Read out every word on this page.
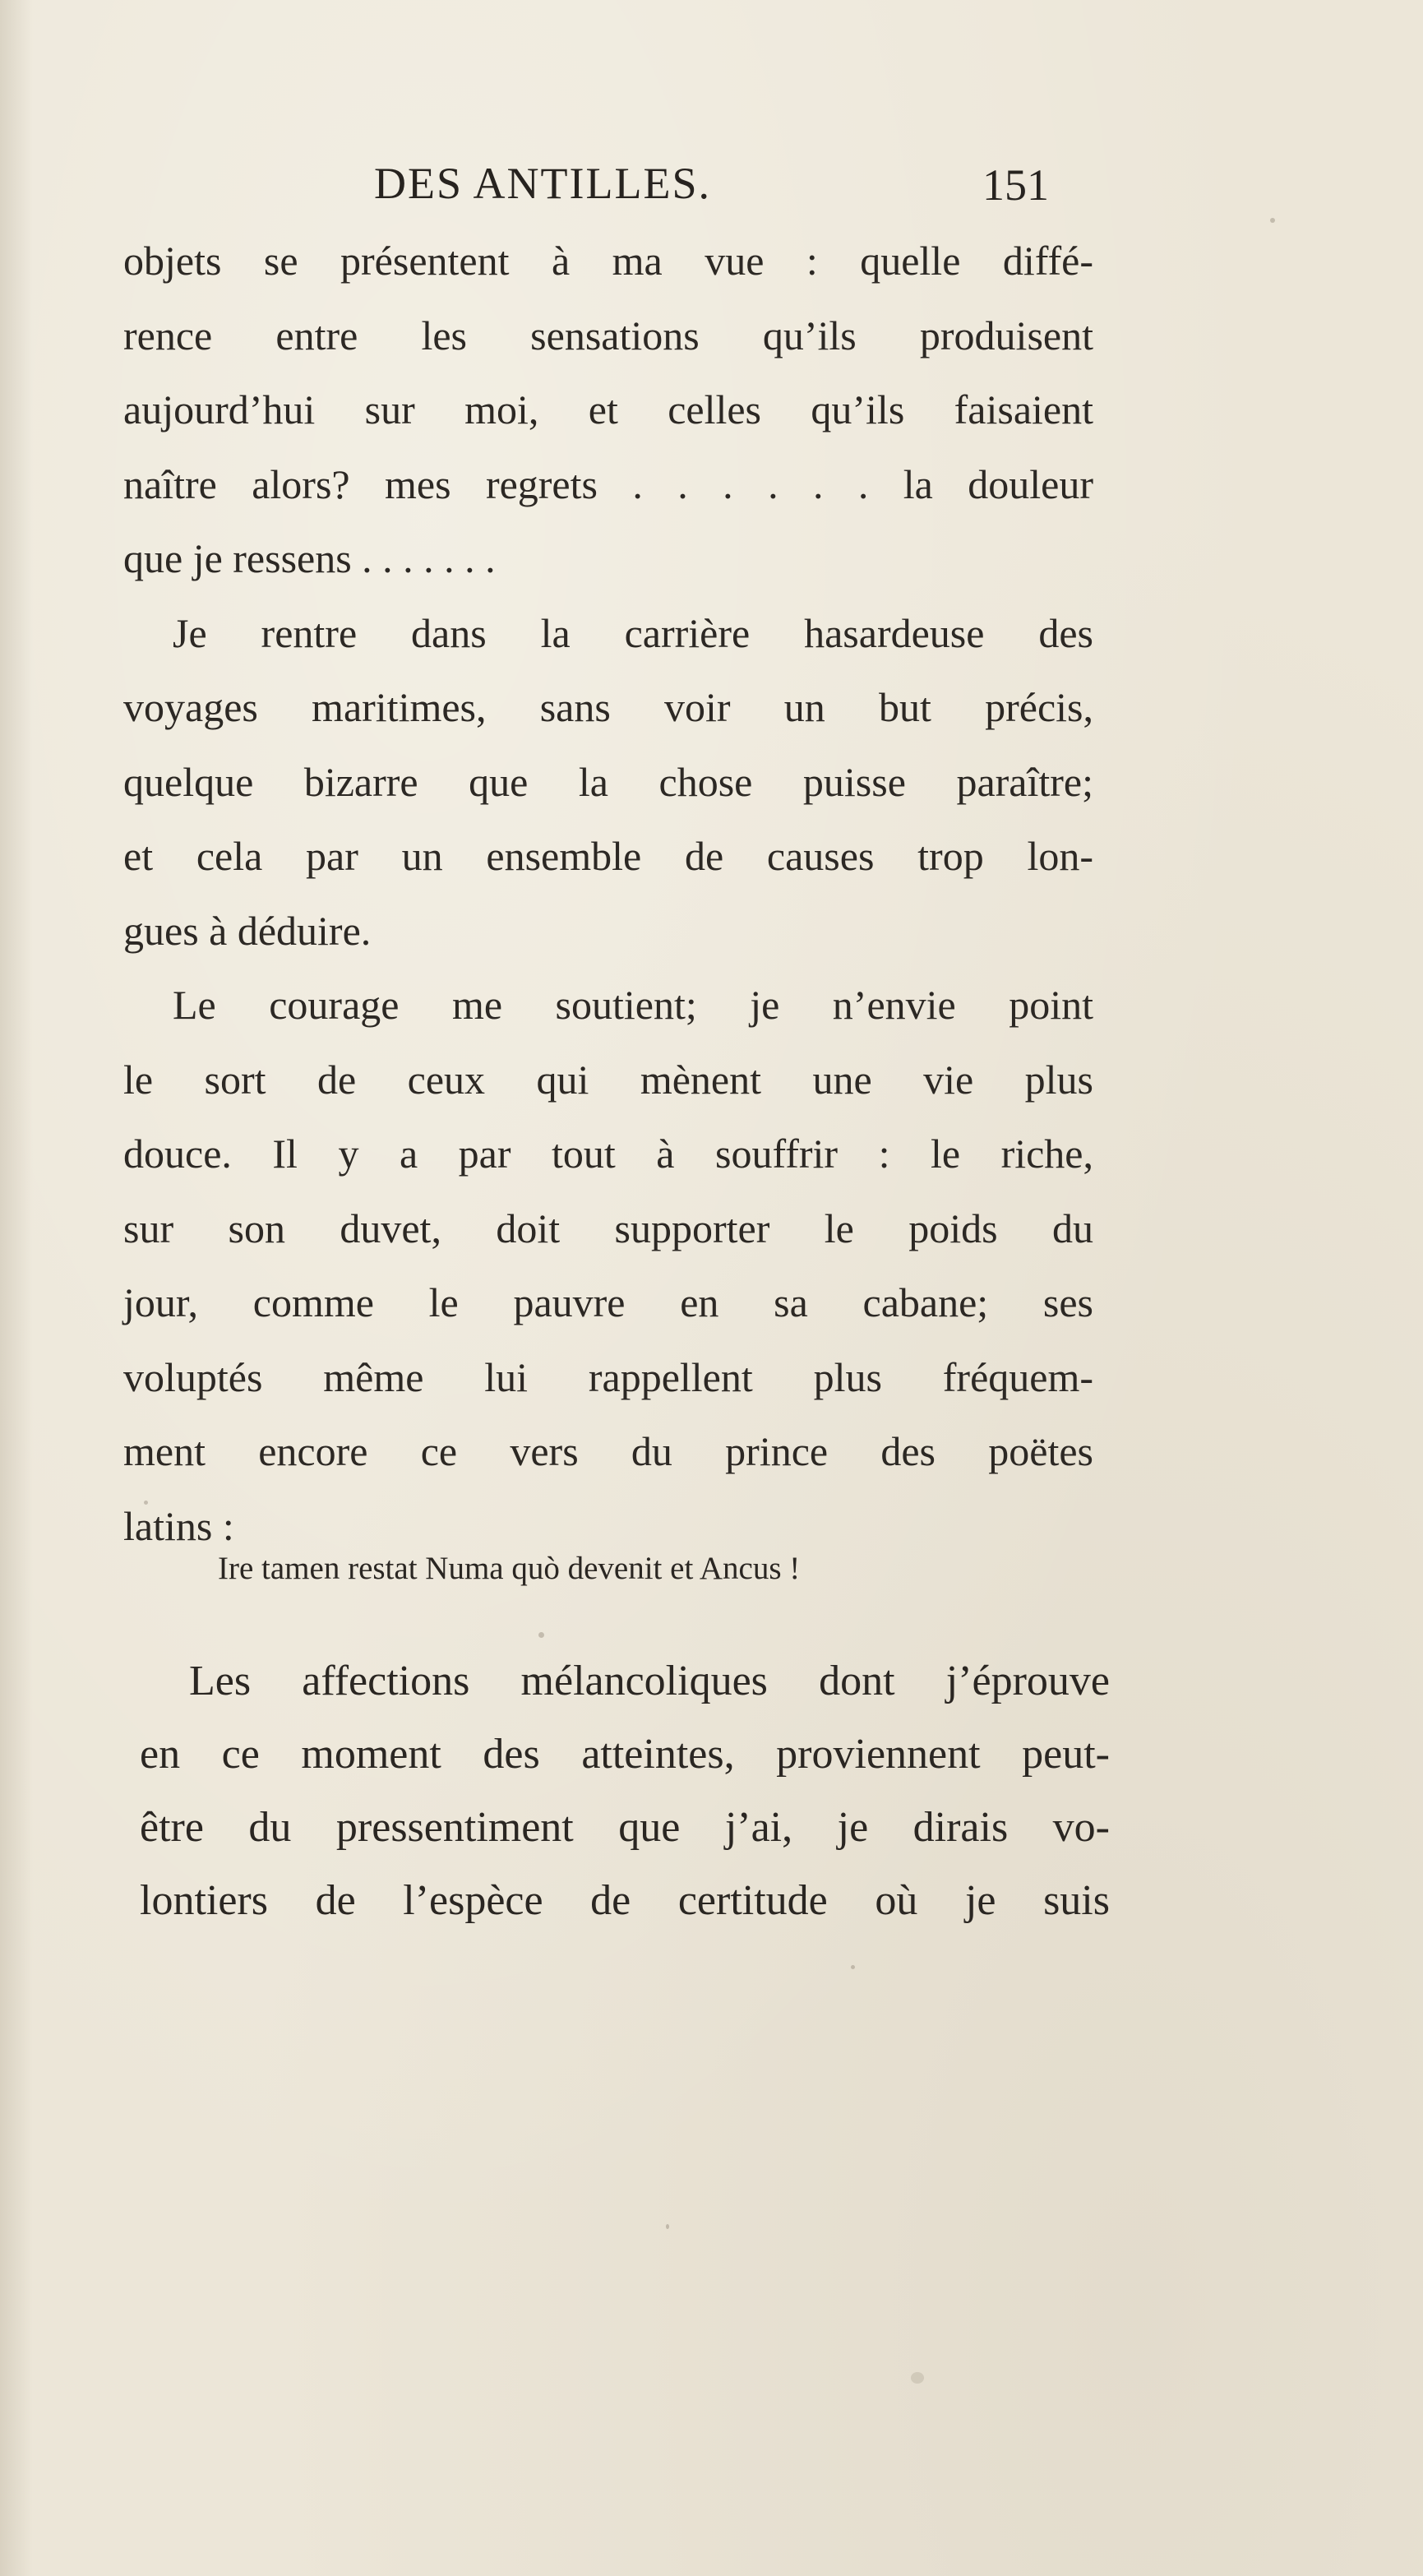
DES ANTILLES.	151

objets se présentent à ma vue : quelle diffé-
rence entre les sensations qu’ils produisent
aujourd’hui sur moi, et celles qu’ils faisaient
naître alors? mes regrets . . . . . . la douleur
que je ressens . . . . . . .

Je rentre dans la carrière hasardeuse des
voyages maritimes, sans voir un but précis,
quelque bizarre que la chose puisse paraître;
et cela par un ensemble de causes trop lon-
gues à déduire.

Le courage me soutient; je n’envie point
le sort de ceux qui mènent une vie plus
douce. Il y a par tout à souffrir : le riche,
sur son duvet, doit supporter le poids du
jour, comme le pauvre en sa cabane; ses
voluptés même lui rappellent plus fréquem-
ment encore ce vers du prince des poëtes
latins :

Ire tamen restat Numa quò devenit et Ancus !

Les affections mélancoliques dont j’éprouve
en ce moment des atteintes, proviennent peut-
être du pressentiment que j’ai, je dirais vo-
lontiers de l’espèce de certitude où je suis
